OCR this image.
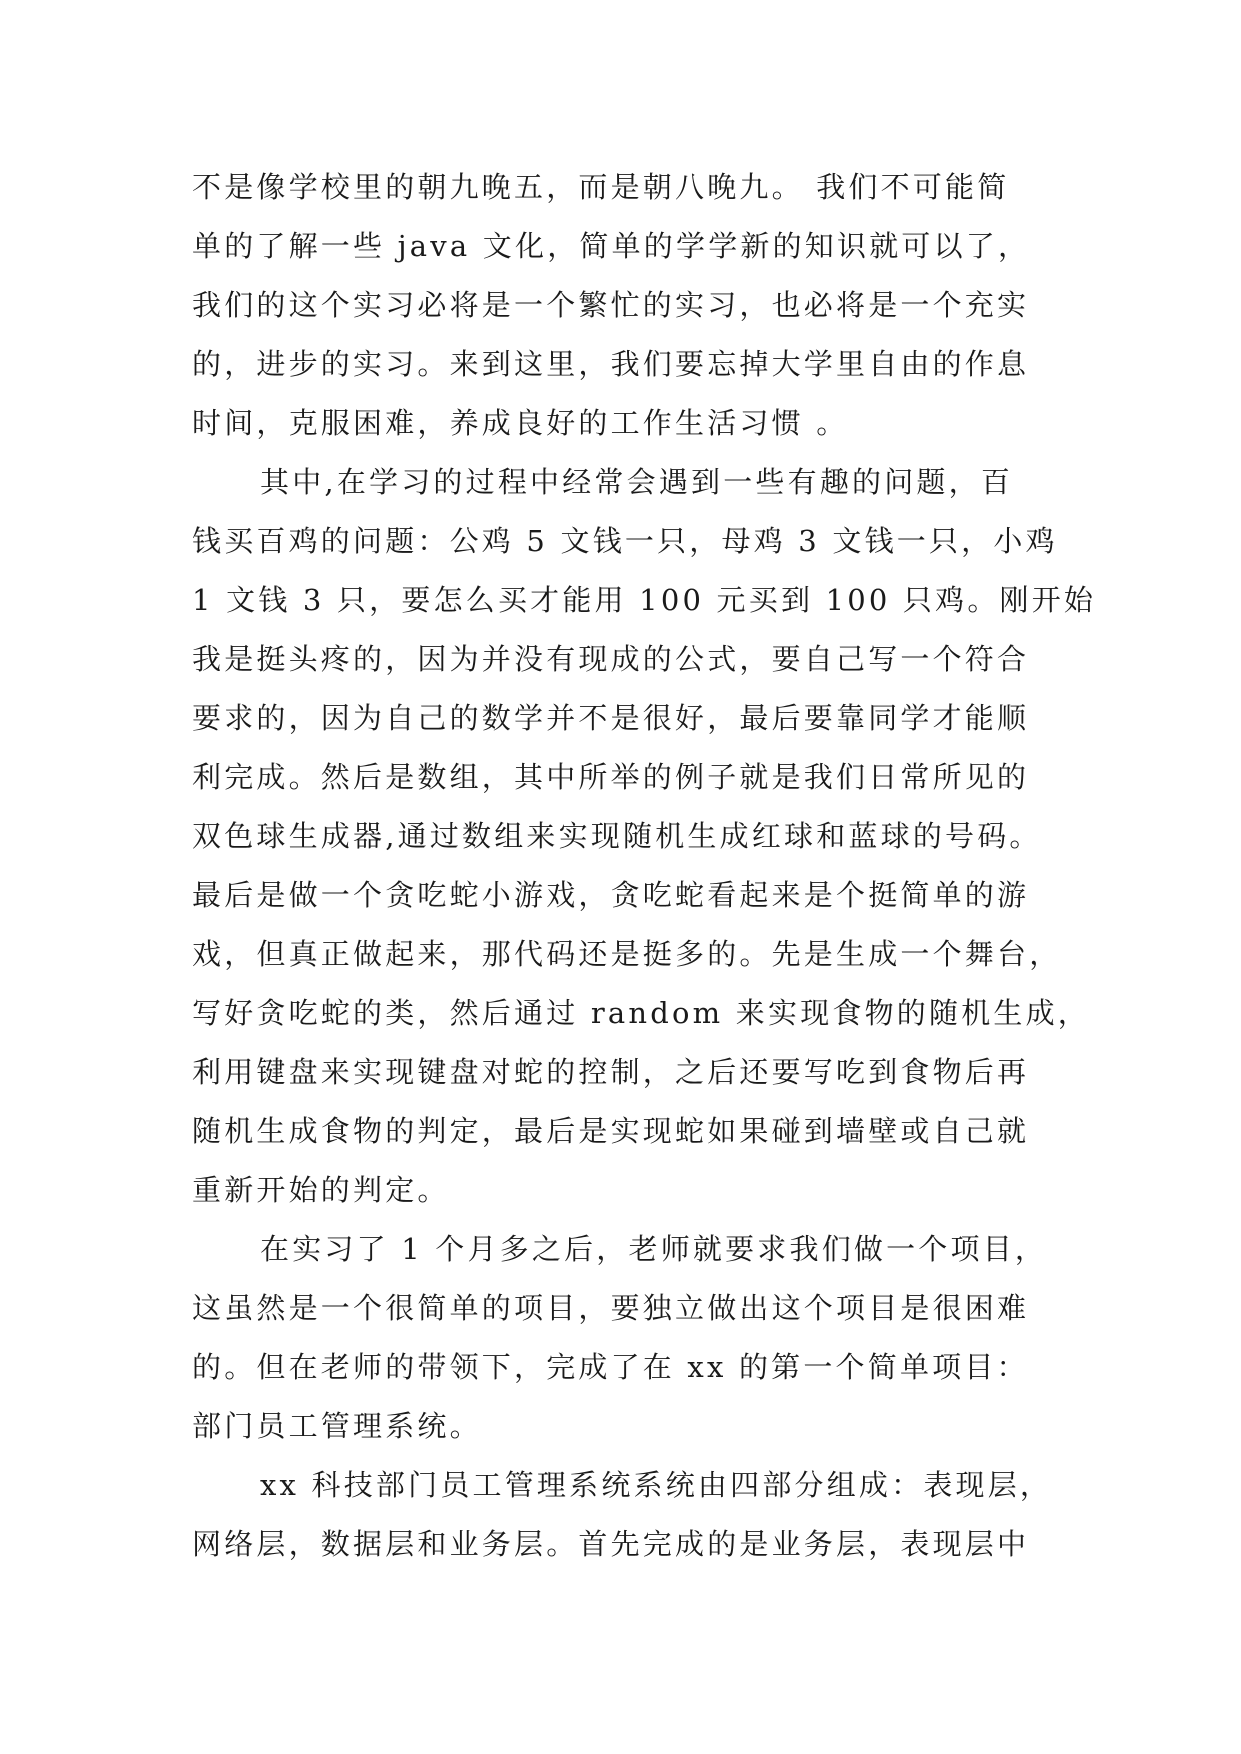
不是像学校里的朝九晚五，而是朝八晚九。 我们不可能简
单的了解一些 java 文化，简单的学学新的知识就可以了，
我们的这个实习必将是一个繁忙的实习，也必将是一个充实
的，进步的实习。来到这里，我们要忘掉大学里自由的作息
时间，克服困难，养成良好的工作生活习惯 。
其中,在学习的过程中经常会遇到一些有趣的问题，百
钱买百鸡的问题：公鸡 5 文钱一只，母鸡 3 文钱一只，小鸡
1 文钱 3 只，要怎么买才能用 100 元买到 100 只鸡。刚开始
我是挺头疼的，因为并没有现成的公式，要自己写一个符合
要求的，因为自己的数学并不是很好，最后要靠同学才能顺
利完成。然后是数组，其中所举的例子就是我们日常所见的
双色球生成器,通过数组来实现随机生成红球和蓝球的号码。
最后是做一个贪吃蛇小游戏，贪吃蛇看起来是个挺简单的游
戏，但真正做起来，那代码还是挺多的。先是生成一个舞台，
写好贪吃蛇的类，然后通过 random 来实现食物的随机生成，
利用键盘来实现键盘对蛇的控制，之后还要写吃到食物后再
随机生成食物的判定，最后是实现蛇如果碰到墙壁或自己就
重新开始的判定。
在实习了 1 个月多之后，老师就要求我们做一个项目，
这虽然是一个很简单的项目，要独立做出这个项目是很困难
的。但在老师的带领下，完成了在 xx 的第一个简单项目：
部门员工管理系统。
xx 科技部门员工管理系统系统由四部分组成：表现层，
网络层，数据层和业务层。首先完成的是业务层，表现层中
